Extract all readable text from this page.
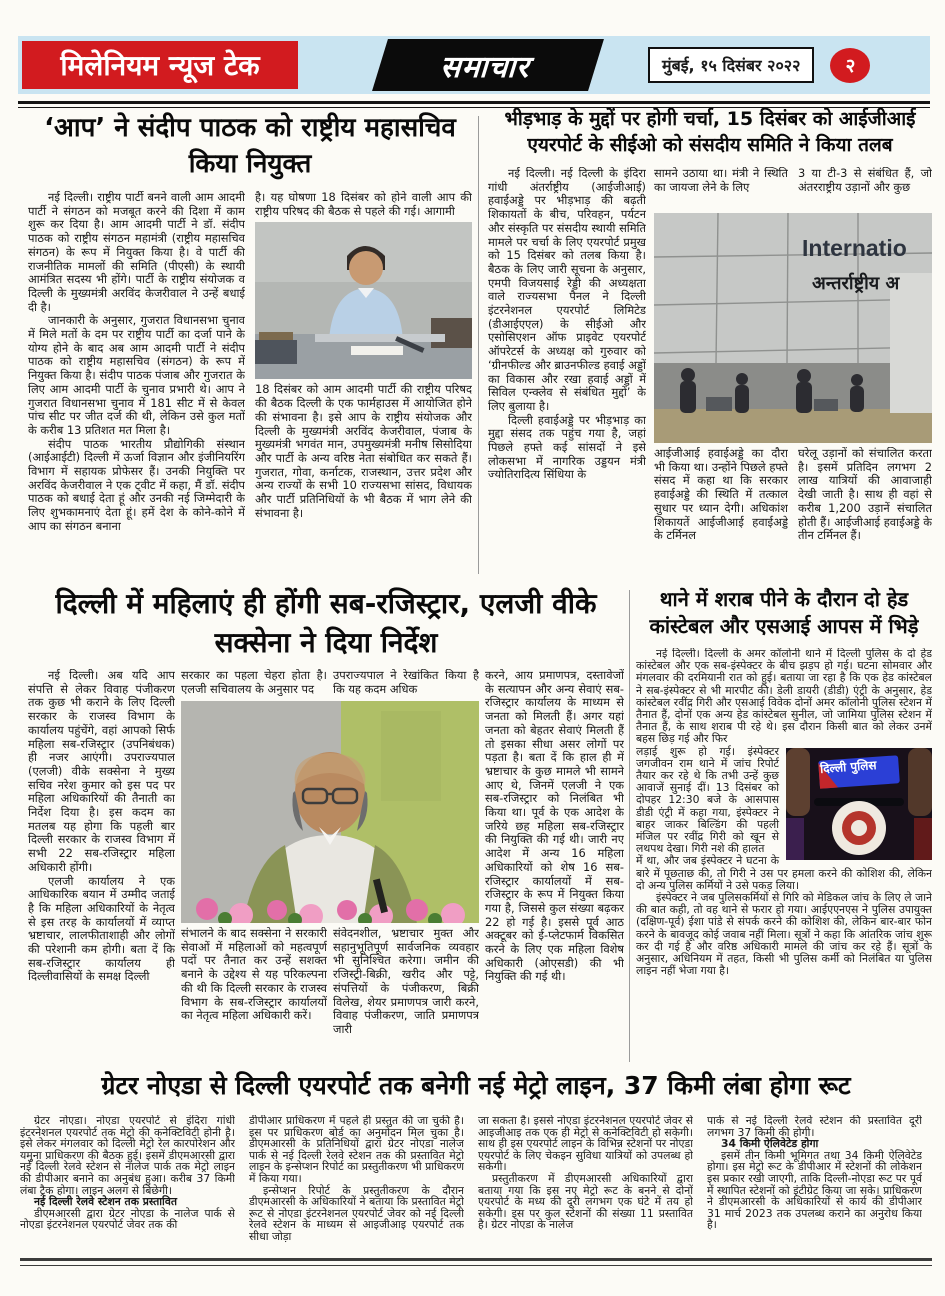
मिलेनियम न्यूज टेक	समाचार	मुंबई, १५ दिसंबर २०२२	२
‘आप’ ने संदीप पाठक को राष्ट्रीय महासचिव किया नियुक्त

नई दिल्ली। राष्ट्रीय पार्टी बनने वाली आम आदमी पार्टी ने संगठन को मजबूत करने की दिशा में काम शुरू कर दिया है। आम आदमी पार्टी ने डॉ. संदीप पाठक को राष्ट्रीय संगठन महामंत्री (राष्ट्रीय महासचिव संगठन) के रूप में नियुक्त किया है। वे पार्टी की राजनीतिक मामलों की समिति (पीएसी) के स्थायी आमंत्रित सदस्य भी होंगे। पार्टी के राष्ट्रीय संयोजक व दिल्ली के मुख्यमंत्री अरविंद केजरीवाल ने उन्हें बधाई दी है।

जानकारी के अनुसार, गुजरात विधानसभा चुनाव में मिले मतों के दम पर राष्ट्रीय पार्टी का दर्जा पाने के योग्य होने के बाद अब आम आदमी पार्टी ने संदीप पाठक को राष्ट्रीय महासचिव (संगठन) के रूप में नियुक्त किया है। संदीप पाठक पंजाब और गुजरात के लिए आम आदमी पार्टी के चुनाव प्रभारी थे। आप ने गुजरात विधानसभा चुनाव में 181 सीट में से केवल पांच सीट पर जीत दर्ज की थी, लेकिन उसे कुल मतों के करीब 13 प्रतिशत मत मिला है।

संदीप पाठक भारतीय प्रौद्योगिकी संस्थान (आईआईटी) दिल्ली में ऊर्जा विज्ञान और इंजीनियरिंग विभाग में सहायक प्रोफेसर हैं। उनकी नियुक्ति पर अरविंद केजरीवाल ने एक ट्वीट में कहा, मैं डॉ. संदीप पाठक को बधाई देता हूं और उनकी नई जिम्मेदारी के लिए शुभकामनाएं देता हूं। हमें देश के कोने-कोने में आप का संगठन बनाना

है। यह घोषणा 18 दिसंबर को होने वाली आप की राष्ट्रीय परिषद की बैठक से पहले की गई। आगामी

18 दिसंबर को आम आदमी पार्टी की राष्ट्रीय परिषद की बैठक दिल्ली के एक फार्महाउस में आयोजित होने की संभावना है। इसे आप के राष्ट्रीय संयोजक और दिल्ली के मुख्यमंत्री अरविंद केजरीवाल, पंजाब के मुख्यमंत्री भगवंत मान, उपमुख्यमंत्री मनीष सिसोदिया और पार्टी के अन्य वरिष्ठ नेता संबोधित कर सकते हैं। गुजरात, गोवा, कर्नाटक, राजस्थान, उत्तर प्रदेश और अन्य राज्यों के सभी 10 राज्यसभा सांसद, विधायक और पार्टी प्रतिनिधियों के भी बैठक में भाग लेने की संभावना है।

भीड़भाड़ के मुद्दों पर होगी चर्चा, 15 दिसंबर को आईजीआई एयरपोर्ट के सीईओ को संसदीय समिति ने किया तलब

नई दिल्ली। नई दिल्ली के इंदिरा गांधी अंतर्राष्ट्रीय (आईजीआई) हवाईअड्डे पर भीड़भाड़ की बढ़ती शिकायतों के बीच, परिवहन, पर्यटन और संस्कृति पर संसदीय स्थायी समिति मामले पर चर्चा के लिए एयरपोर्ट प्रमुख को 15 दिसंबर को तलब किया है। बैठक के लिए जारी सूचना के अनुसार, एमपी विजयसाई रेड्डी की अध्यक्षता वाले राज्यसभा पैनल ने दिल्ली इंटरनेशनल एयरपोर्ट लिमिटेड (डीआईएएल) के सीईओ और एसोसिएशन ऑफ प्राइवेट एयरपोर्ट ऑपरेटर्स के अध्यक्ष को गुरुवार को ‘ग्रीनफील्ड और ब्राउनफील्ड हवाई अड्डों का विकास और रखा हवाई अड्डों में सिविल एन्क्लेव से संबंधित मुद्दों’ के लिए बुलाया है।

दिल्ली हवाईअड्डे पर भीड़भाड़ का मुद्दा संसद तक पहुंच गया है, जहां पिछले हफ्ते कई सांसदों ने इसे लोकसभा में नागरिक उड्डयन मंत्री ज्योतिरादित्य सिंधिया के

सामने उठाया था। मंत्री ने स्थिति का जायजा लेने के लिए

3 या टी-3 से संबंधित हैं, जो अंतरराष्ट्रीय उड़ानों और कुछ

Internatio
अन्तर्राष्ट्रीय अ

आईजीआई हवाईअड्डे का दौरा भी किया था। उन्होंने पिछले हफ्ते संसद में कहा था कि सरकार हवाईअड्डे की स्थिति में तत्काल सुधार पर ध्यान देगी। अधिकांश शिकायतें आईजीआई हवाईअड्डे के टर्मिनल

घरेलू उड़ानों को संचालित करता है। इसमें प्रतिदिन लगभग 2 लाख यात्रियों की आवाजाही देखी जाती है। साथ ही वहां से करीब 1,200 उड़ानें संचालित होती हैं। आईजीआई हवाईअड्डे के तीन टर्मिनल हैं।

दिल्ली में महिलाएं ही होंगी सब-रजिस्ट्रार, एलजी वीके सक्सेना ने दिया निर्देश

नई दिल्ली। अब यदि आप संपत्ति से लेकर विवाह पंजीकरण तक कुछ भी कराने के लिए दिल्ली सरकार के राजस्व विभाग के कार्यालय पहुंचेंगे, वहां आपको सिर्फ महिला सब-रजिस्ट्रार (उपनिबंधक) ही नजर आएंगी। उपराज्यपाल (एलजी) वीके सक्सेना ने मुख्य सचिव नरेश कुमार को इस पद पर महिला अधिकारियों की तैनाती का निर्देश दिया है। इस कदम का मतलब यह होगा कि पहली बार दिल्ली सरकार के राजस्व विभाग में सभी 22 सब-रजिस्ट्रार महिला अधिकारी होंगी।

एलजी कार्यालय ने एक आधिकारिक बयान में उम्मीद जताई है कि महिला अधिकारियों के नेतृत्व से इस तरह के कार्यालयों में व्याप्त भ्रष्टाचार, लालफीताशाही और लोगों की परेशानी कम होगी। बता दें कि सब-रजिस्ट्रार कार्यालय ही दिल्लीवासियों के समक्ष दिल्ली

सरकार का पहला चेहरा होता है। एलजी सचिवालय के अनुसार पद

उपराज्यपाल ने रेखांकित किया है कि यह कदम अधिक

संभालने के बाद सक्सेना ने सरकारी सेवाओं में महिलाओं को महत्वपूर्ण पदों पर तैनात कर उन्हें सशक्त बनाने के उद्देश्य से यह परिकल्पना की थी कि दिल्ली सरकार के राजस्व विभाग के सब-रजिस्ट्रार कार्यालयों का नेतृत्व महिला अधिकारी करें।

संवेदनशील, भ्रष्टाचार मुक्त और सहानुभूतिपूर्ण सार्वजनिक व्यवहार भी सुनिश्चित करेगा। जमीन की रजिस्ट्री-बिक्री, खरीद और पट्टे, संपत्तियों के पंजीकरण, बिक्री विलेख, शेयर प्रमाणपत्र जारी करने, विवाह पंजीकरण, जाति प्रमाणपत्र जारी

करने, आय प्रमाणपत्र, दस्तावेजों के सत्यापन और अन्य सेवाएं सब-रजिस्ट्रार कार्यालय के माध्यम से जनता को मिलती हैं। अगर यहां जनता को बेहतर सेवाएं मिलती हैं तो इसका सीधा असर लोगों पर पड़ता है। बता दें कि हाल ही में भ्रष्टाचार के कुछ मामले भी सामने आए थे, जिनमें एलजी ने एक सब-रजिस्ट्रार को निलंबित भी किया था। पूर्व के एक आदेश के जरिये छह महिला सब-रजिस्ट्रार की नियुक्ति की गई थी। जारी नए आदेश में अन्य 16 महिला अधिकारियों को शेष 16 सब-रजिस्ट्रार कार्यालयों में सब-रजिस्ट्रार के रूप में नियुक्त किया गया है, जिससे कुल संख्या बढ़कर 22 हो गई है। इससे पूर्व आठ अक्टूबर को ई-प्लेटफार्म विकसित करने के लिए एक महिला विशेष अधिकारी (ओएसडी) की भी नियुक्ति की गई थी।

थाने में शराब पीने के दौरान दो हेड कांस्टेबल और एसआई आपस में भिड़े

नई दिल्ली। दिल्ली के अमर कॉलोनी थाने में दिल्ली पुलिस के दो हेड कांस्टेबल और एक सब-इंस्पेक्टर के बीच झड़प हो गई। घटना सोमवार और मंगलवार की दरमियानी रात को हुई। बताया जा रहा है कि एक हेड कांस्टेबल ने सब-इंस्पेक्टर से भी मारपीट की। डेली डायरी (डीडी) एंट्री के अनुसार, हेड कांस्टेबल रवींद्र गिरी और एसआई विवेक दोनों अमर कॉलोनी पुलिस स्टेशन में तैनात हैं, दोनों एक अन्य हेड कांस्टेबल सुनील, जो जामिया पुलिस स्टेशन में तैनात हैं, के साथ शराब पी रहे थे। इस दौरान किसी बात को लेकर उनमें बहस छिड़ गई और फिर

दिल्ली पुलिस

लड़ाई शुरू हो गई। इंस्पेक्टर जगजीवन राम थाने में जांच रिपोर्ट तैयार कर रहे थे कि तभी उन्हें कुछ आवाजें सुनाई दीं। 13 दिसंबर को दोपहर 12:30 बजे के आसपास डीडी एंट्री में कहा गया, इंस्पेक्टर ने बाहर जाकर बिल्डिंग की पहली मंजिल पर रवींद्र गिरी को खून से लथपथ देखा। गिरी नशे की हालत

में था, और जब इंस्पेक्टर ने घटना के बारे में पूछताछ की, तो गिरी ने उस पर हमला करने की कोशिश की, लेकिन दो अन्य पुलिस कर्मियों ने उसे पकड़ लिया।

इंस्पेक्टर ने जब पुलिसकर्मियों से गिरि को मेडिकल जांच के लिए ले जाने की बात कही, तो वह थाने से फरार हो गया। आईएएनएस ने पुलिस उपायुक्त (दक्षिण-पूर्व) ईशा पांडे से संपर्क करने की कोशिश की, लेकिन बार-बार फोन करने के बावजूद कोई जवाब नहीं मिला। सूत्रों ने कहा कि आंतरिक जांच शुरू कर दी गई है और वरिष्ठ अधिकारी मामले की जांच कर रहे हैं। सूत्रों के अनुसार, अधिनियम में तहत, किसी भी पुलिस कर्मी को निलंबित या पुलिस लाइन नहीं भेजा गया है।

ग्रेटर नोएडा से दिल्ली एयरपोर्ट तक बनेगी नई मेट्रो लाइन, 37 किमी लंबा होगा रूट

ग्रेटर नोएडा। नोएडा एयरपोर्ट से इंदिरा गांधी इंटरनेशनल एयरपोर्ट तक मेट्रो की कनेक्टिविटी होनी है। इसे लेकर मंगलवार को दिल्ली मेट्रो रेल कारपोरेशन और यमुना प्राधिकरण की बैठक हुई। इसमें डीएमआरसी द्वारा नई दिल्ली रेलवे स्टेशन से नालेज पार्क तक मेट्रो लाइन की डीपीआर बनाने का अनुबंध हुआ। करीब 37 किमी लंबा ट्रैक होगा। लाइन अलग से बिछेगी।

नई दिल्ली रेलवे स्टेशन तक प्रस्तावित

डीएमआरसी द्वारा ग्रेटर नोएडा के नालेज पार्क से नोएडा इंटरनेशनल एयरपोर्ट जेवर तक की

डीपीआर प्राधिकरण में पहले ही प्रस्तुत की जा चुकी है। इस पर प्राधिकरण बोर्ड का अनुमोदन मिल चुका है। डीएमआरसी के प्रतिनिधियों द्वारा ग्रेटर नोएडा नालेज पार्क से नई दिल्ली रेलवे स्टेशन तक की प्रस्तावित मेट्रो लाइन के इन्सेप्शन रिपोर्ट का प्रस्तुतीकरण भी प्राधिकरण में किया गया।

इन्सेप्शन रिपोर्ट के प्रस्तुतीकरण के दौरान डीएमआरसी के अधिकारियों ने बताया कि प्रस्तावित मेट्रो रूट से नोएडा इंटरनेशनल एयरपोर्ट जेवर को नई दिल्ली रेलवे स्टेशन के माध्यम से आइजीआइ एयरपोर्ट तक सीधा जोड़ा

जा सकता है। इससे नोएडा इंटरनेशनल एयरपोर्ट जेवर से आइजीआइ तक एक ही मेट्रो से कनेक्टिविटी हो सकेगी। साथ ही इस एयरपोर्ट लाइन के विभिन्न स्टेशनों पर नोएडा एयरपोर्ट के लिए चेकइन सुविधा यात्रियों को उपलब्ध हो सकेगी।

प्रस्तुतीकरण में डीएमआरसी अधिकारियों द्वारा बताया गया कि इस नए मेट्रो रूट के बनने से दोनों एयरपोर्ट के मध्य की दूरी लगभग एक घंटे में तय हो सकेगी। इस पर कुल स्टेशनों की संख्या 11 प्रस्तावित है। ग्रेटर नोएडा के नालेज

पार्क से नई दिल्ली रेलवे स्टेशन की प्रस्तावित दूरी लगभग 37 किमी की होगी।

34 किमी ऐलिवेटेड होगा

इसमें तीन किमी भूमिगत तथा 34 किमी ऐलिवेटेड होगा। इस मेट्रो रूट के डीपीआर में स्टेशनों की लोकेशन इस प्रकार रखी जाएगी, ताकि दिल्ली-नोएडा रूट पर पूर्व में स्थापित स्टेशनों को इंटीग्रेट किया जा सके। प्राधिकरण ने डीएमआरसी के अधिकारियों से कार्य की डीपीआर 31 मार्च 2023 तक उपलब्ध कराने का अनुरोध किया है।
